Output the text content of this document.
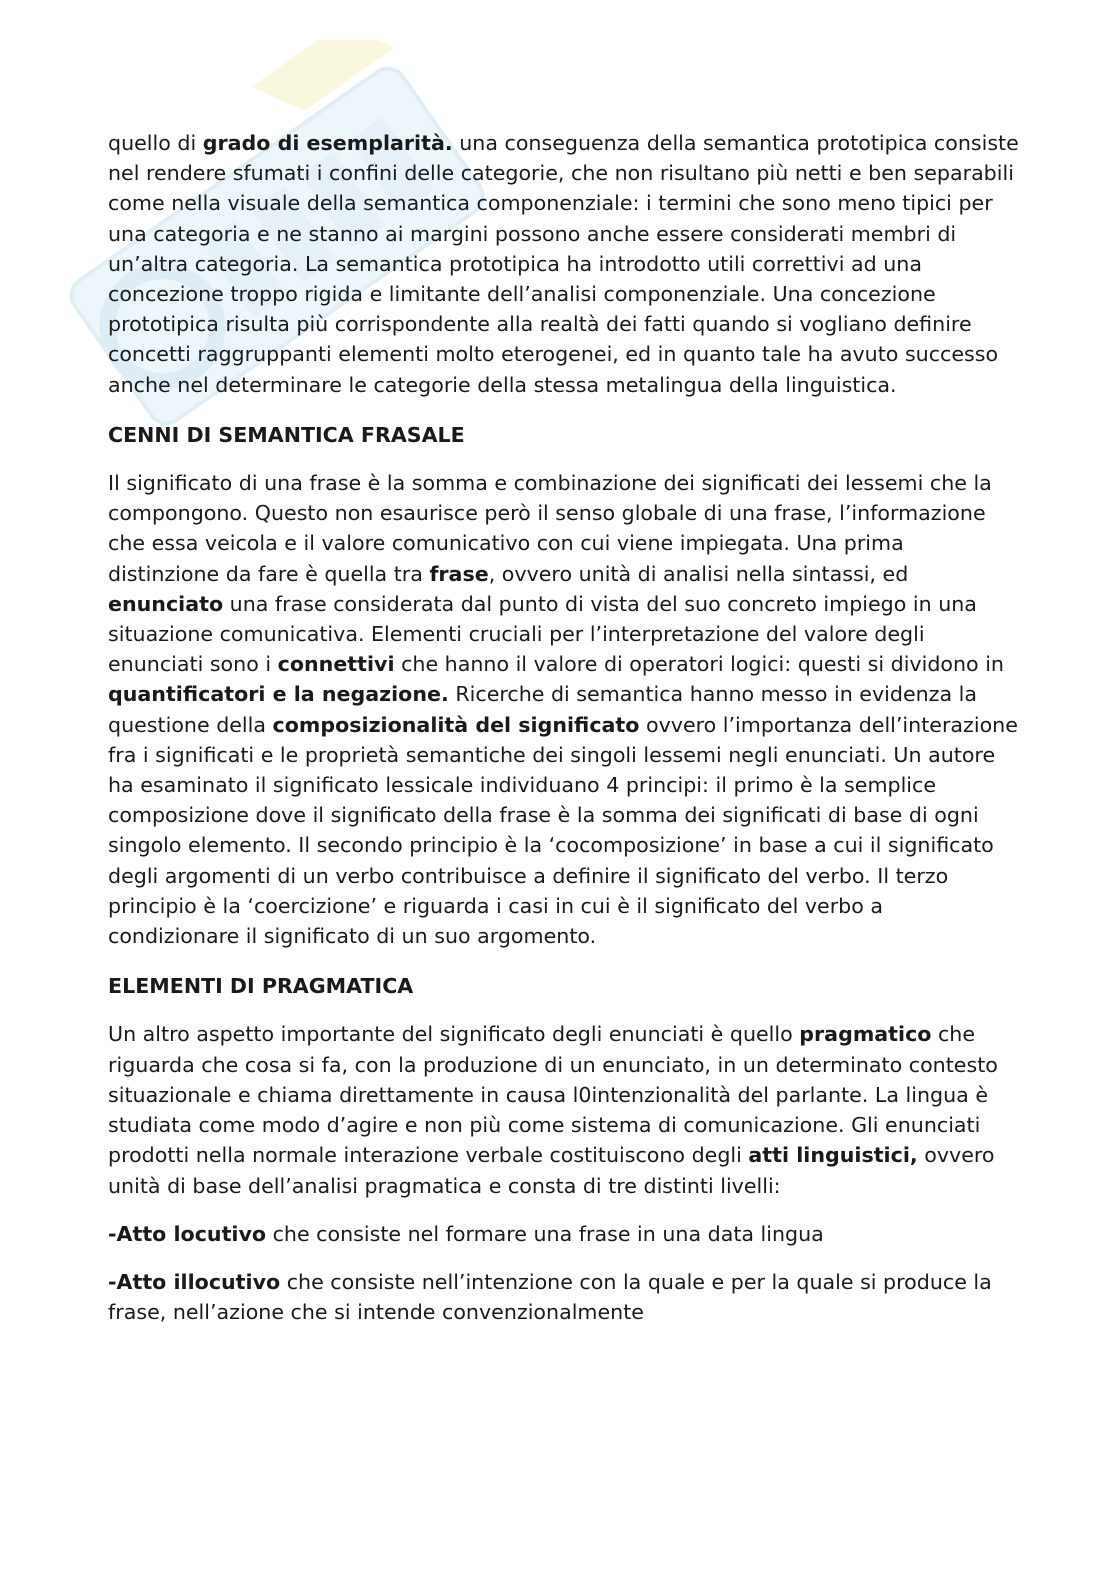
quello di grado di esemplarità. una conseguenza della semantica prototipica consiste nel rendere sfumati i confini delle categorie, che non risultano più netti e ben separabili come nella visuale della semantica componenziale: i termini che sono meno tipici per una categoria e ne stanno ai margini possono anche essere considerati membri di un’altra categoria. La semantica prototipica ha introdotto utili correttivi ad una concezione troppo rigida e limitante dell’analisi componenziale. Una concezione prototipica risulta più corrispondente alla realtà dei fatti quando si vogliano definire concetti raggruppanti elementi molto eterogenei, ed in quanto tale ha avuto successo anche nel determinare le categorie della stessa metalingua della linguistica.

CENNI DI SEMANTICA FRASALE

Il significato di una frase è la somma e combinazione dei significati dei lessemi che la compongono. Questo non esaurisce però il senso globale di una frase, l’informazione che essa veicola e il valore comunicativo con cui viene impiegata. Una prima distinzione da fare è quella tra frase, ovvero unità di analisi nella sintassi, ed enunciato una frase considerata dal punto di vista del suo concreto impiego in una situazione comunicativa. Elementi cruciali per l’interpretazione del valore degli enunciati sono i connettivi che hanno il valore di operatori logici: questi si dividono in quantificatori e la negazione. Ricerche di semantica hanno messo in evidenza la questione della composizionalità del significato ovvero l’importanza dell’interazione fra i significati e le proprietà semantiche dei singoli lessemi negli enunciati. Un autore ha esaminato il significato lessicale individuano 4 principi: il primo è la semplice composizione dove il significato della frase è la somma dei significati di base di ogni singolo elemento. Il secondo principio è la ‘cocomposizione’ in base a cui il significato degli argomenti di un verbo contribuisce a definire il significato del verbo. Il terzo principio è la ‘coercizione’ e riguarda i casi in cui è il significato del verbo a condizionare il significato di un suo argomento.

ELEMENTI DI PRAGMATICA

Un altro aspetto importante del significato degli enunciati è quello pragmatico che riguarda che cosa si fa, con la produzione di un enunciato, in un determinato contesto situazionale e chiama direttamente in causa l0intenzionalità del parlante. La lingua è studiata come modo d’agire e non più come sistema di comunicazione. Gli enunciati prodotti nella normale interazione verbale costituiscono degli atti linguistici, ovvero unità di base dell’analisi pragmatica e consta di tre distinti livelli:

-Atto locutivo che consiste nel formare una frase in una data lingua

-Atto illocutivo che consiste nell’intenzione con la quale e per la quale si produce la frase, nell’azione che si intende convenzionalmente
